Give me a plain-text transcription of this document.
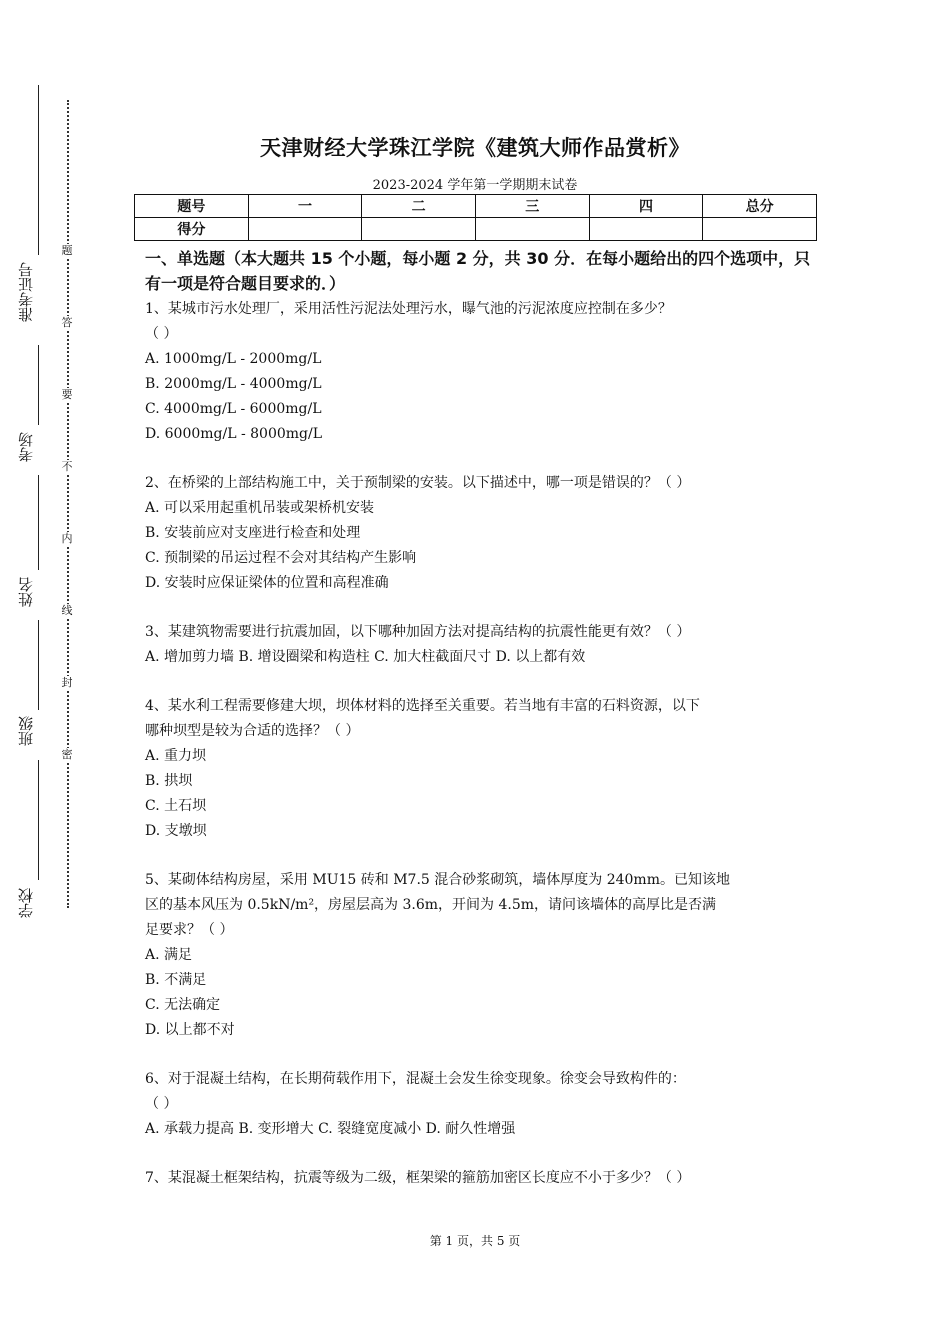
准考证号
考场
姓名
班级
学校
题
答
要
不
内
线
封
密
天津财经大学珠江学院《建筑大师作品赏析》
2023-2024 学年第一学期期末试卷
题号	一	二	三	四	总分
得分					
一、单选题（本大题共 15 个小题，每小题 2 分，共 30 分．在每小题给出的四个选项中，只有一项是符合题目要求的．）

1、某城市污水处理厂，采用活性污泥法处理污水，曝气池的污泥浓度应控制在多少？

（ ）

A. 1000mg/L - 2000mg/L

B. 2000mg/L - 4000mg/L

C. 4000mg/L - 6000mg/L

D. 6000mg/L - 8000mg/L

2、在桥梁的上部结构施工中，关于预制梁的安装。以下描述中，哪一项是错误的？（ ）

A. 可以采用起重机吊装或架桥机安装

B. 安装前应对支座进行检查和处理

C. 预制梁的吊运过程不会对其结构产生影响

D. 安装时应保证梁体的位置和高程准确

3、某建筑物需要进行抗震加固，以下哪种加固方法对提高结构的抗震性能更有效？（ ）

A. 增加剪力墙 B. 增设圈梁和构造柱 C. 加大柱截面尺寸 D. 以上都有效

4、某水利工程需要修建大坝，坝体材料的选择至关重要。若当地有丰富的石料资源，以下

哪种坝型是较为合适的选择？（ ）

A. 重力坝

B. 拱坝

C. 土石坝

D. 支墩坝

5、某砌体结构房屋，采用 MU15 砖和 M7.5 混合砂浆砌筑，墙体厚度为 240mm。已知该地

区的基本风压为 0.5kN/m²，房屋层高为 3.6m，开间为 4.5m，请问该墙体的高厚比是否满

足要求？（ ）

A. 满足

B. 不满足

C. 无法确定

D. 以上都不对

6、对于混凝土结构，在长期荷载作用下，混凝土会发生徐变现象。徐变会导致构件的：

（ ）

A. 承载力提高 B. 变形增大 C. 裂缝宽度减小 D. 耐久性增强

7、某混凝土框架结构，抗震等级为二级，框架梁的箍筋加密区长度应不小于多少？（ ）

第 1 页，共 5 页
